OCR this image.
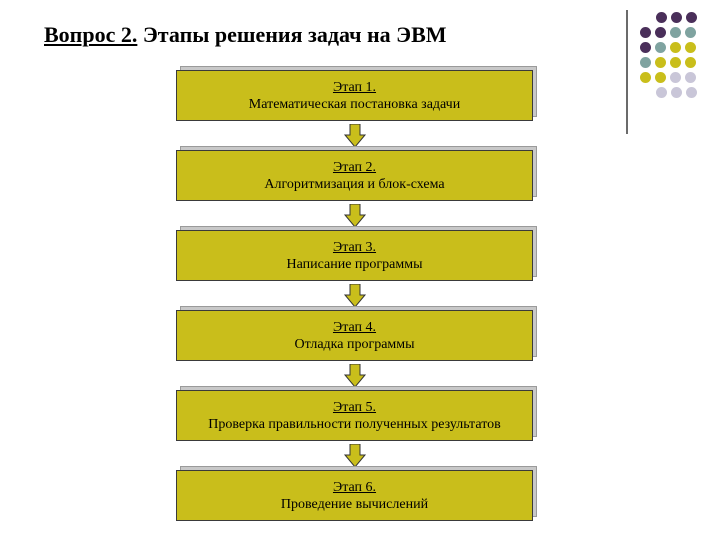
Вопрос 2. Этапы решения задач на ЭВМ
Этап 1.
Математическая постановка задачи
Этап 2.
Алгоритмизация и блок-схема
Этап 3.
Написание программы
Этап 4.
Отладка программы
Этап 5.
Проверка правильности полученных результатов
Этап 6.
Проведение вычислений
